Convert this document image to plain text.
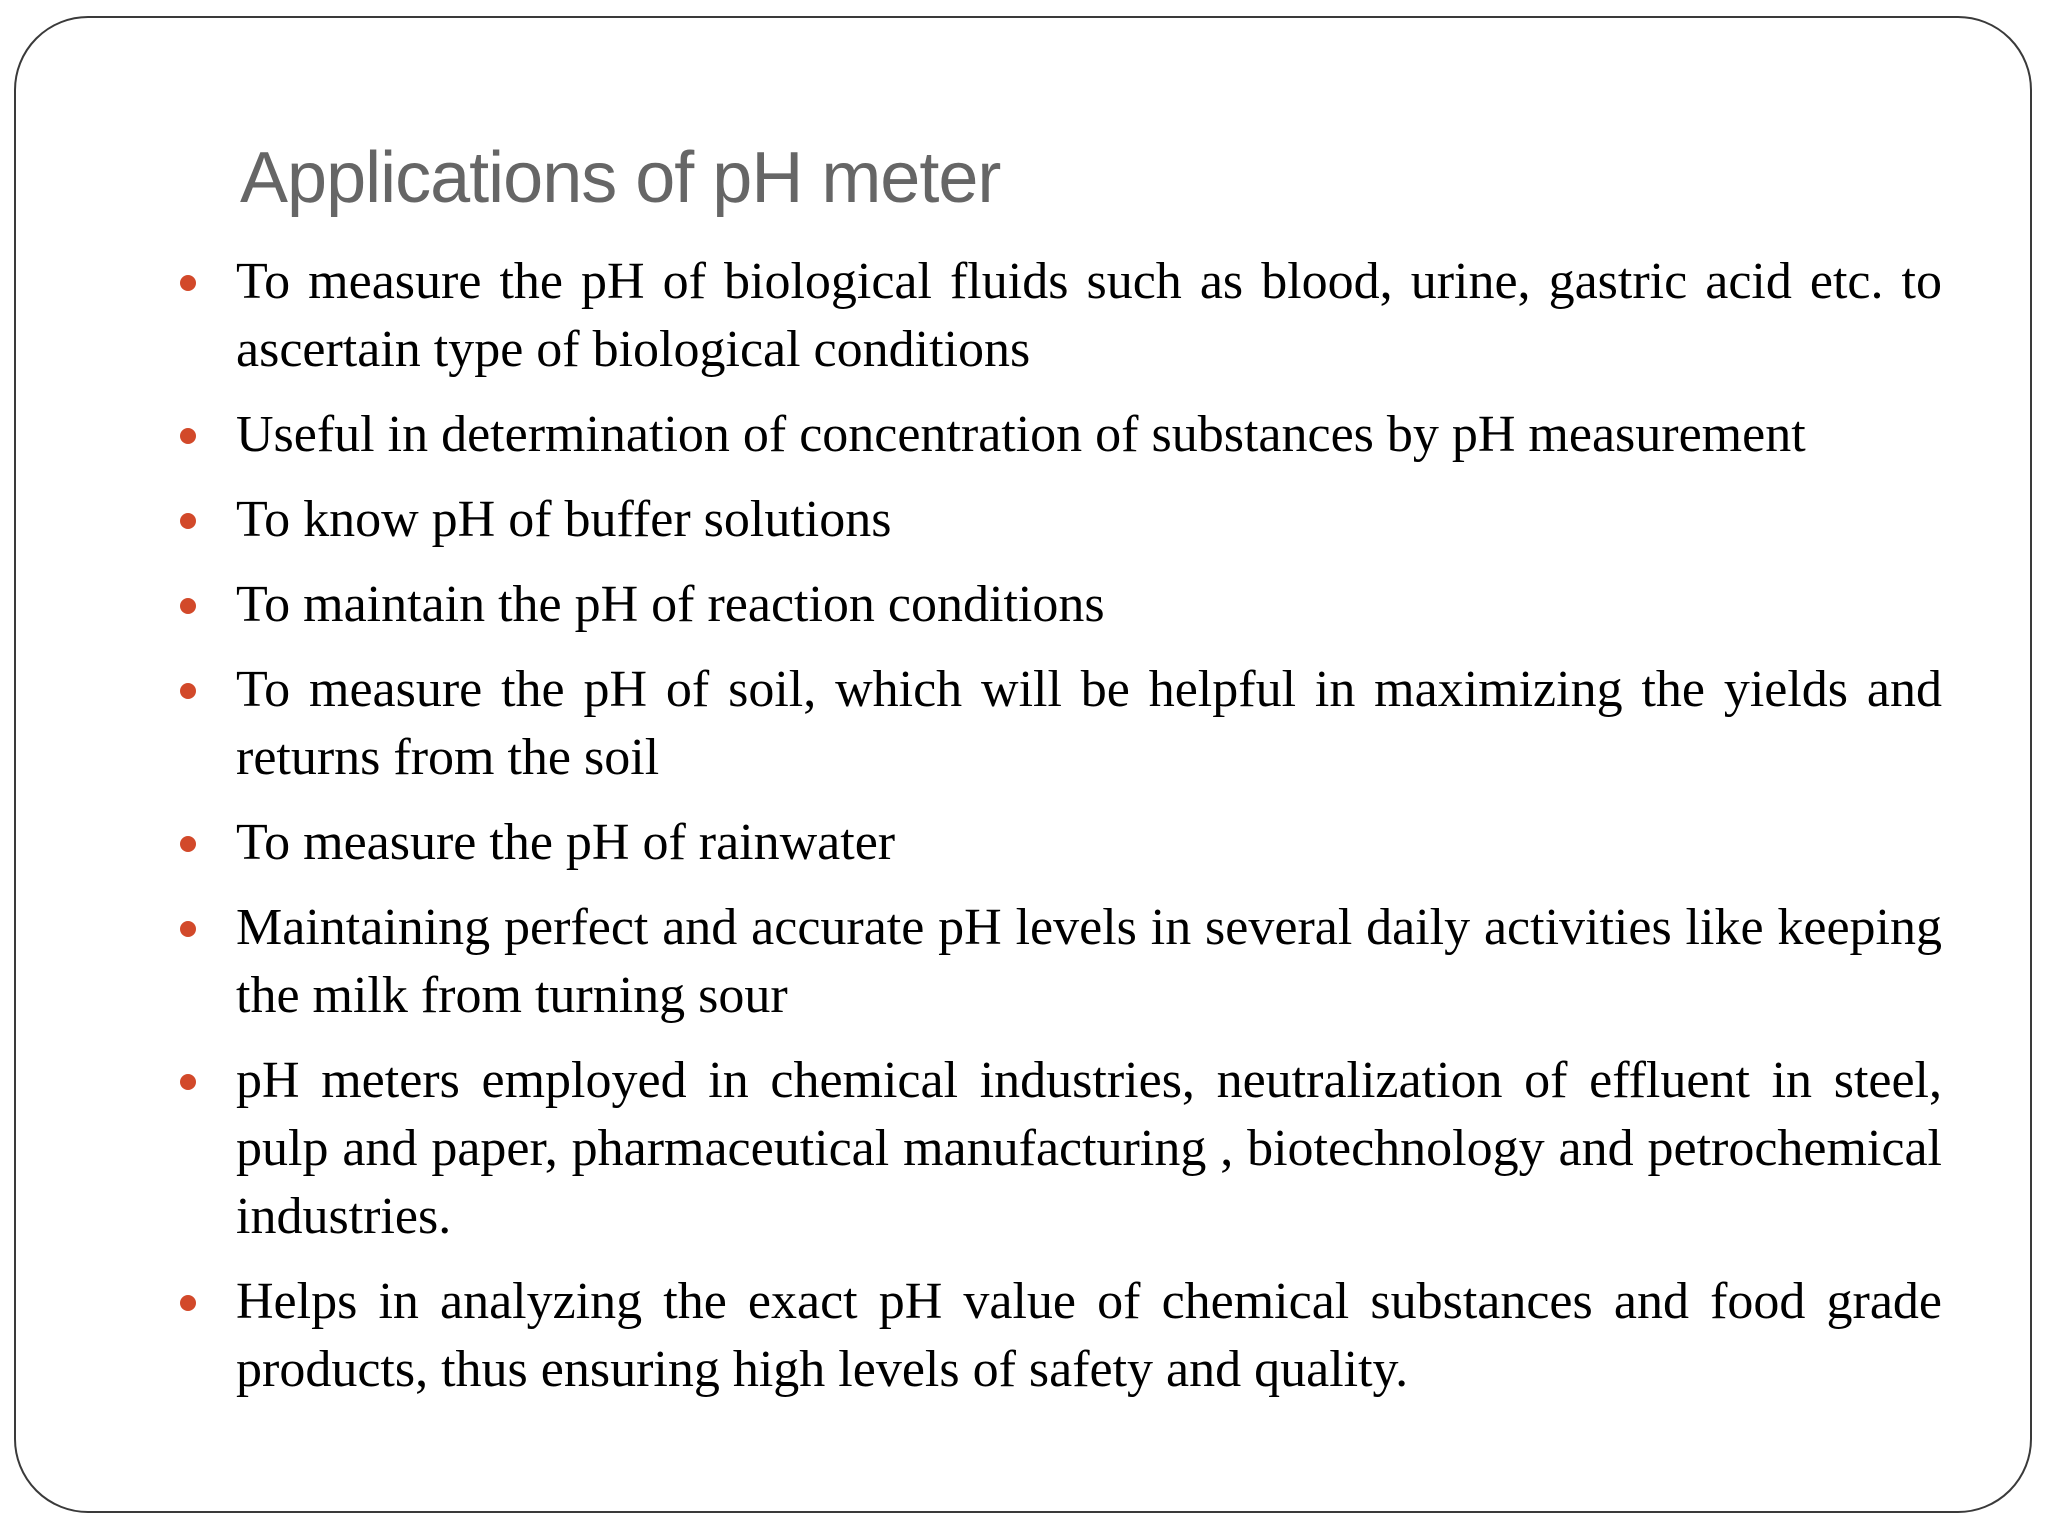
Applications of pH meter
To measure the pH of biological fluids such as blood, urine, gastric acid etc. to ascertain type of biological conditions
Useful in determination of concentration of substances by pH measurement
To know pH of buffer solutions
To maintain the pH of reaction conditions
To measure the pH of soil, which will be helpful in maximizing the yields and returns from the soil
To measure the pH of rainwater
Maintaining perfect and accurate pH levels in several daily activities like keeping the milk from turning sour
pH meters employed in chemical industries, neutralization of effluent in steel, pulp and paper, pharmaceutical manufacturing , biotechnology and petrochemical industries.
Helps in analyzing the exact pH value of chemical substances and food grade products, thus ensuring high levels of safety and quality.
